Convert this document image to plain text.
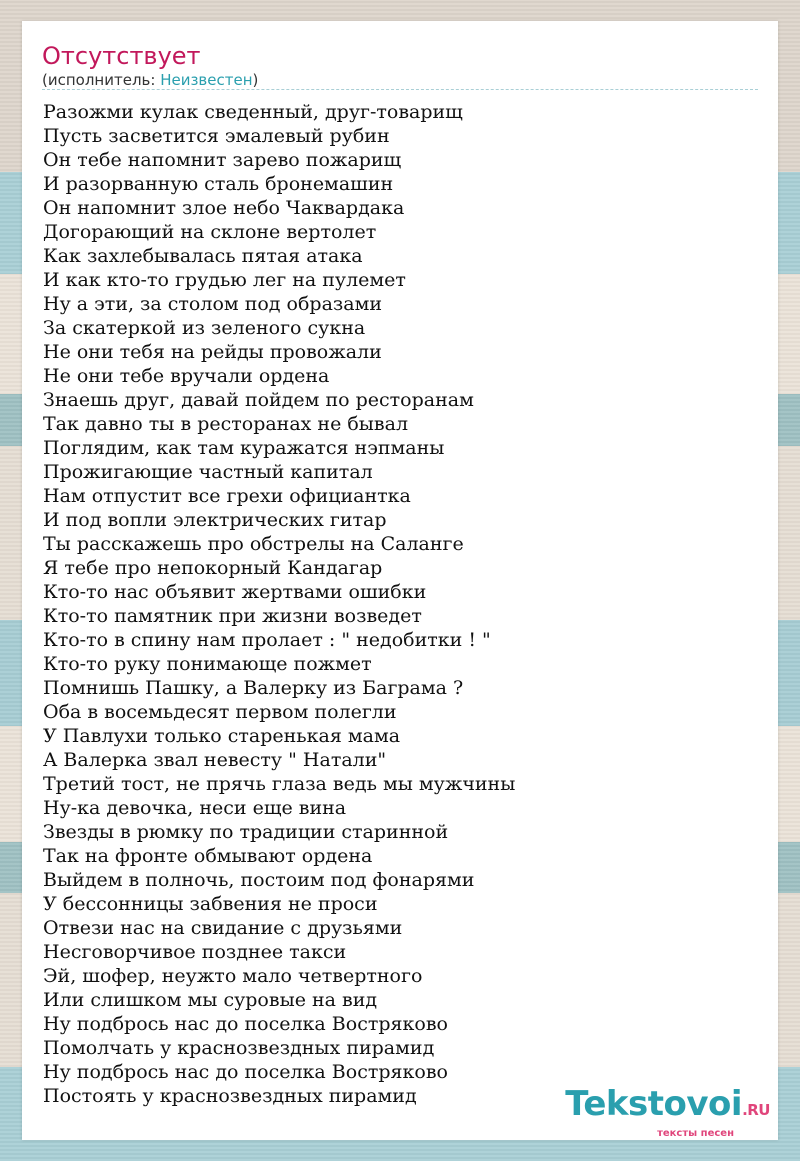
Отсутствует
(исполнитель: Неизвестен)
Разожми кулак сведенный, друг-товарищ
Пусть засветится эмалевый рубин
Он тебе напомнит зарево пожарищ
И разорванную сталь бронемашин
Он напомнит злое небо Чаквардака
Догорающий на склоне вертолет
Как захлебывалась пятая атака
И как кто-то грудью лег на пулемет
Ну а эти, за столом под образами
За скатеркой из зеленого сукна
Не они тебя на рейды провожали
Не они тебе вручали ордена
Знаешь друг, давай пойдем по ресторанам
Так давно ты в ресторанах не бывал
Поглядим, как там куражатся нэпманы
Прожигающие частный капитал
Нам отпустит все грехи официантка
И под вопли электрических гитар
Ты расскажешь про обстрелы на Саланге
Я тебе про непокорный Кандагар
Кто-то нас объявит жертвами ошибки
Кто-то памятник при жизни возведет
Кто-то в спину нам пролает : " недобитки ! "
Кто-то руку понимающе пожмет
Помнишь Пашку, а Валерку из Баграма ?
Оба в восемьдесят первом полегли
У Павлухи только старенькая мама
А Валерка звал невесту " Натали"
Третий тост, не прячь глаза ведь мы мужчины
Ну-ка девочка, неси еще вина
Звезды в рюмку по традиции старинной
Так на фронте обмывают ордена
Выйдем в полночь, постоим под фонарями
У бессонницы забвения не проси
Отвези нас на свидание с друзьями
Несговорчивое позднее такси
Эй, шофер, неужто мало четвертного
Или слишком мы суровые на вид
Ну подбрось нас до поселка Востряково
Помолчать у краснозвездных пирамид
Ну подбрось нас до поселка Востряково
Постоять у краснозвездных пирамид	Tekstovoi.RU
тексты песен
